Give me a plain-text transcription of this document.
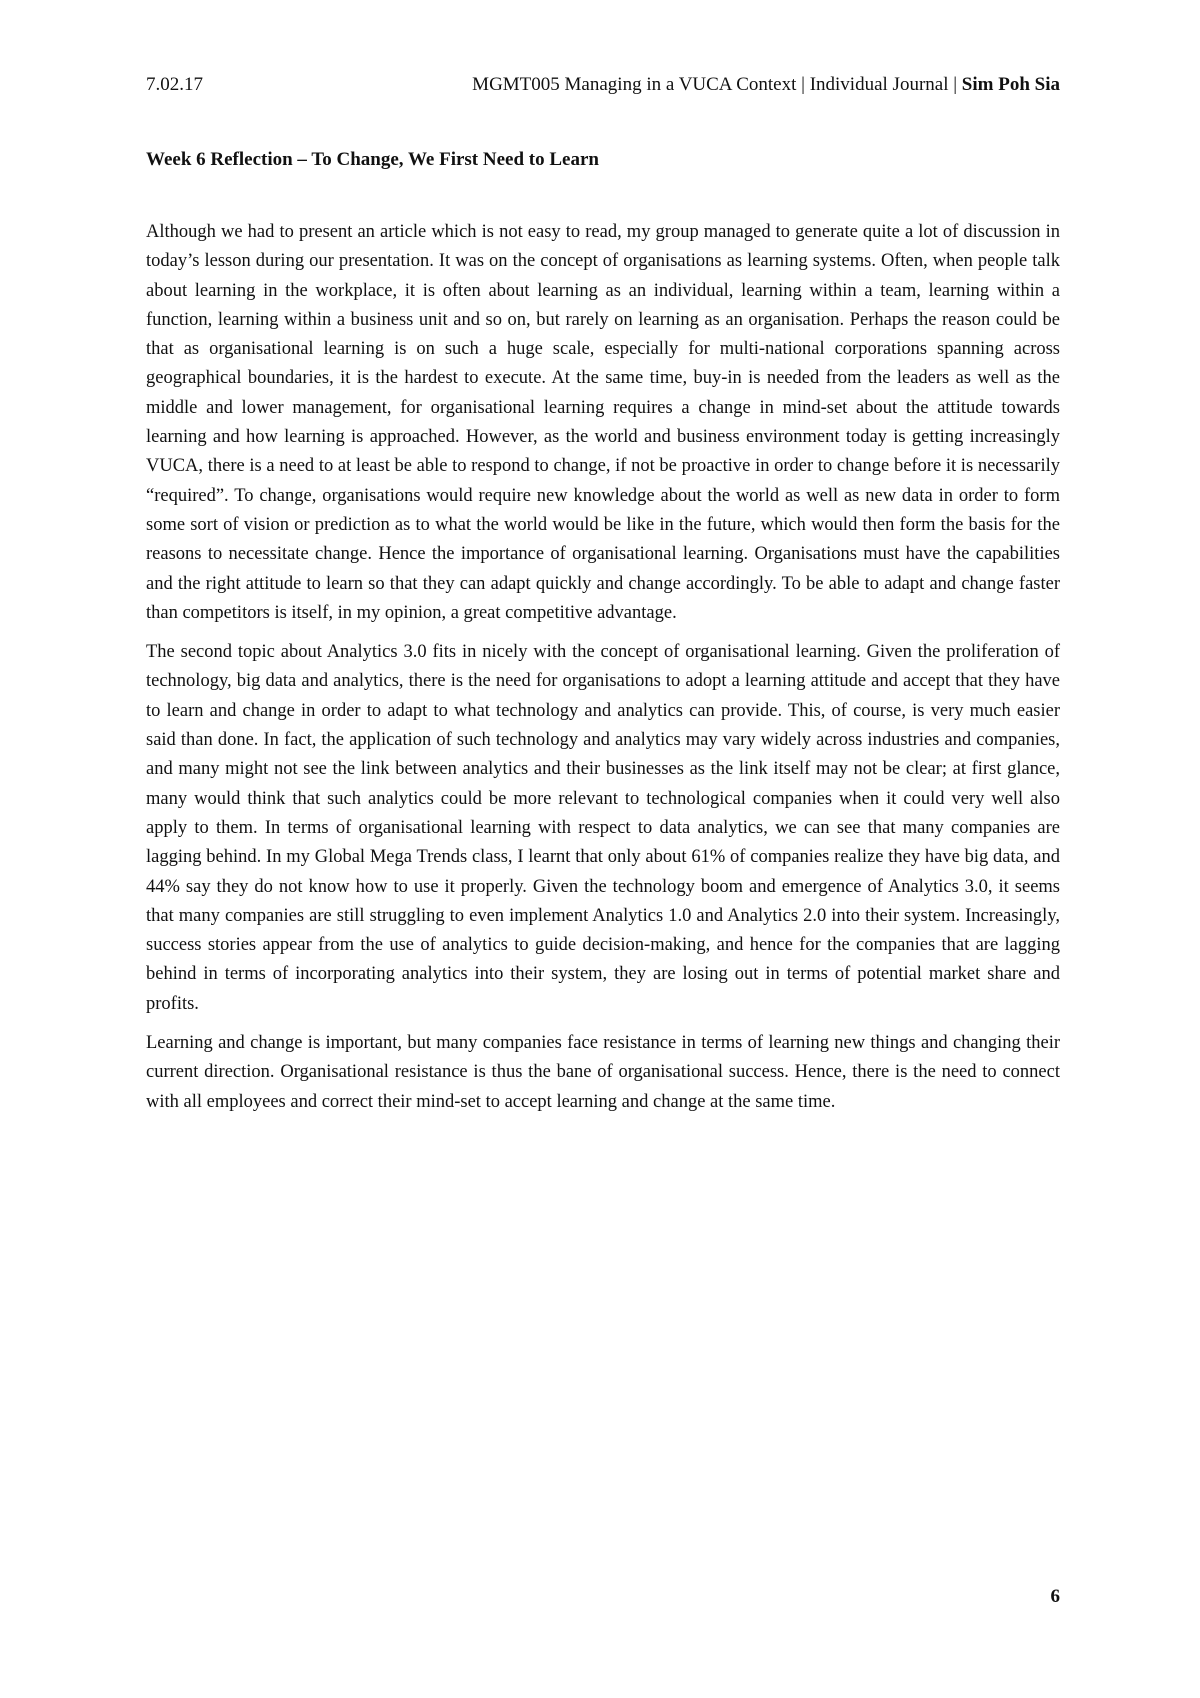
7.02.17	MGMT005 Managing in a VUCA Context | Individual Journal | Sim Poh Sia
Week 6 Reflection – To Change, We First Need to Learn

Although we had to present an article which is not easy to read, my group managed to generate quite a lot of discussion in today’s lesson during our presentation. It was on the concept of organisations as learning systems. Often, when people talk about learning in the workplace, it is often about learning as an individual, learning within a team, learning within a function, learning within a business unit and so on, but rarely on learning as an organisation. Perhaps the reason could be that as organisational learning is on such a huge scale, especially for multi-national corporations spanning across geographical boundaries, it is the hardest to execute. At the same time, buy-in is needed from the leaders as well as the middle and lower management, for organisational learning requires a change in mind-set about the attitude towards learning and how learning is approached. However, as the world and business environment today is getting increasingly VUCA, there is a need to at least be able to respond to change, if not be proactive in order to change before it is necessarily “required”. To change, organisations would require new knowledge about the world as well as new data in order to form some sort of vision or prediction as to what the world would be like in the future, which would then form the basis for the reasons to necessitate change. Hence the importance of organisational learning. Organisations must have the capabilities and the right attitude to learn so that they can adapt quickly and change accordingly. To be able to adapt and change faster than competitors is itself, in my opinion, a great competitive advantage.

The second topic about Analytics 3.0 fits in nicely with the concept of organisational learning. Given the proliferation of technology, big data and analytics, there is the need for organisations to adopt a learning attitude and accept that they have to learn and change in order to adapt to what technology and analytics can provide. This, of course, is very much easier said than done. In fact, the application of such technology and analytics may vary widely across industries and companies, and many might not see the link between analytics and their businesses as the link itself may not be clear; at first glance, many would think that such analytics could be more relevant to technological companies when it could very well also apply to them. In terms of organisational learning with respect to data analytics, we can see that many companies are lagging behind. In my Global Mega Trends class, I learnt that only about 61% of companies realize they have big data, and 44% say they do not know how to use it properly. Given the technology boom and emergence of Analytics 3.0, it seems that many companies are still struggling to even implement Analytics 1.0 and Analytics 2.0 into their system. Increasingly, success stories appear from the use of analytics to guide decision-making, and hence for the companies that are lagging behind in terms of incorporating analytics into their system, they are losing out in terms of potential market share and profits.

Learning and change is important, but many companies face resistance in terms of learning new things and changing their current direction. Organisational resistance is thus the bane of organisational success. Hence, there is the need to connect with all employees and correct their mind-set to accept learning and change at the same time.

6
